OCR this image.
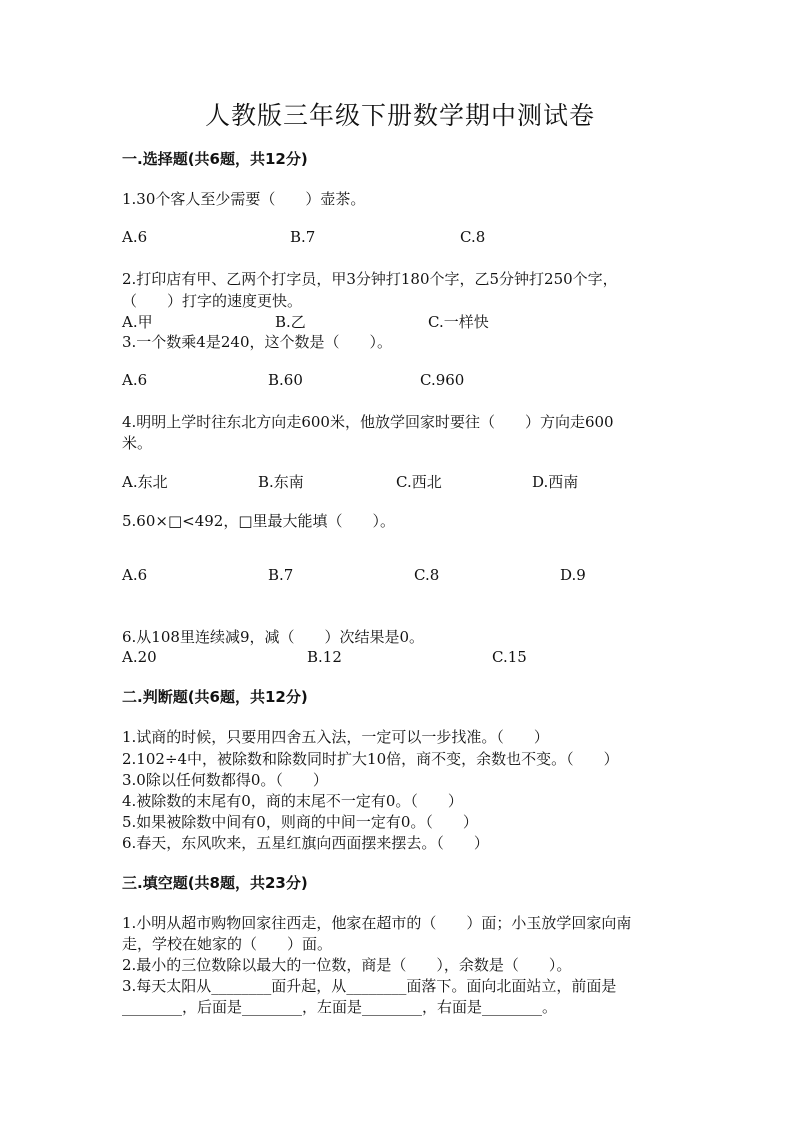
人教版三年级下册数学期中测试卷
一.选择题(共6题，共12分)
1.30个客人至少需要（　　）壶茶。
A.6	B.7	C.8
2.打印店有甲、乙两个打字员，甲3分钟打180个字，乙5分钟打250个字，
（　　）打字的速度更快。
A.甲	B.乙	C.一样快
3.一个数乘4是240，这个数是（　　）。
A.6	B.60	C.960
4.明明上学时往东北方向走600米，他放学回家时要往（　　）方向走600
米。
A.东北	B.东南	C.西北	D.西南
5.60×□<492，□里最大能填（　　）。
A.6	B.7	C.8	D.9
6.从108里连续减9，减（　　）次结果是0。
A.20	B.12	C.15
二.判断题(共6题，共12分)
1.试商的时候，只要用四舍五入法，一定可以一步找准。（　　）
2.102÷4中，被除数和除数同时扩大10倍，商不变，余数也不变。（　　）
3.0除以任何数都得0。（　　）
4.被除数的末尾有0，商的末尾不一定有0。（　　）
5.如果被除数中间有0，则商的中间一定有0。（　　）
6.春天，东风吹来，五星红旗向西面摆来摆去。（　　）
三.填空题(共8题，共23分)
1.小明从超市购物回家往西走，他家在超市的（　　）面；小玉放学回家向南
走，学校在她家的（　　）面。
2.最小的三位数除以最大的一位数，商是（　　），余数是（　　）。
3.每天太阳从________面升起，从________面落下。面向北面站立，前面是
________，后面是________，左面是________，右面是________。
